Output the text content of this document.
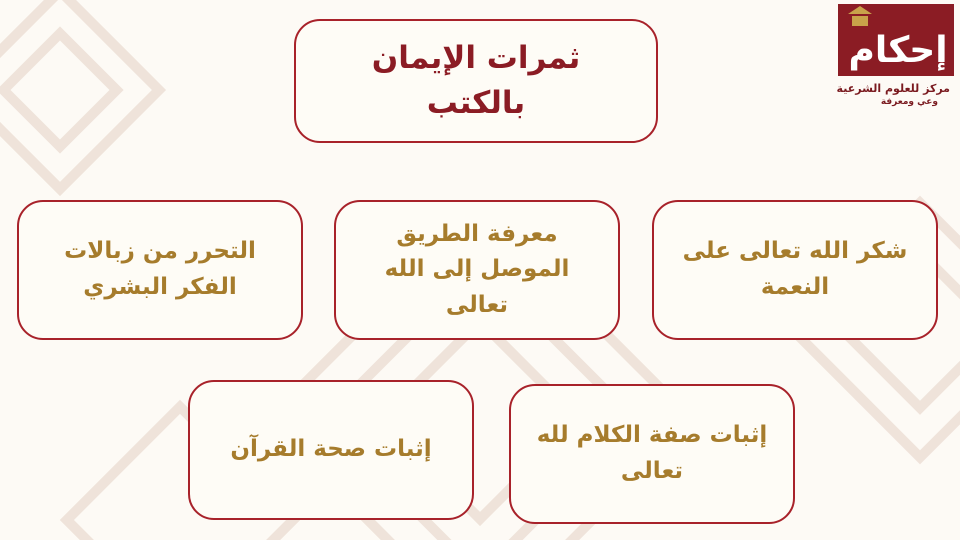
ثمرات الإيمان بالكتب
شكر الله تعالى على النعمة
معرفة الطريق الموصل إلى الله تعالى
التحرر من زبالات الفكر البشري
إثبات صفة الكلام لله تعالى
إثبات صحة القرآن
إحكام
مركز للعلوم الشرعية
وعي ومعرفة
